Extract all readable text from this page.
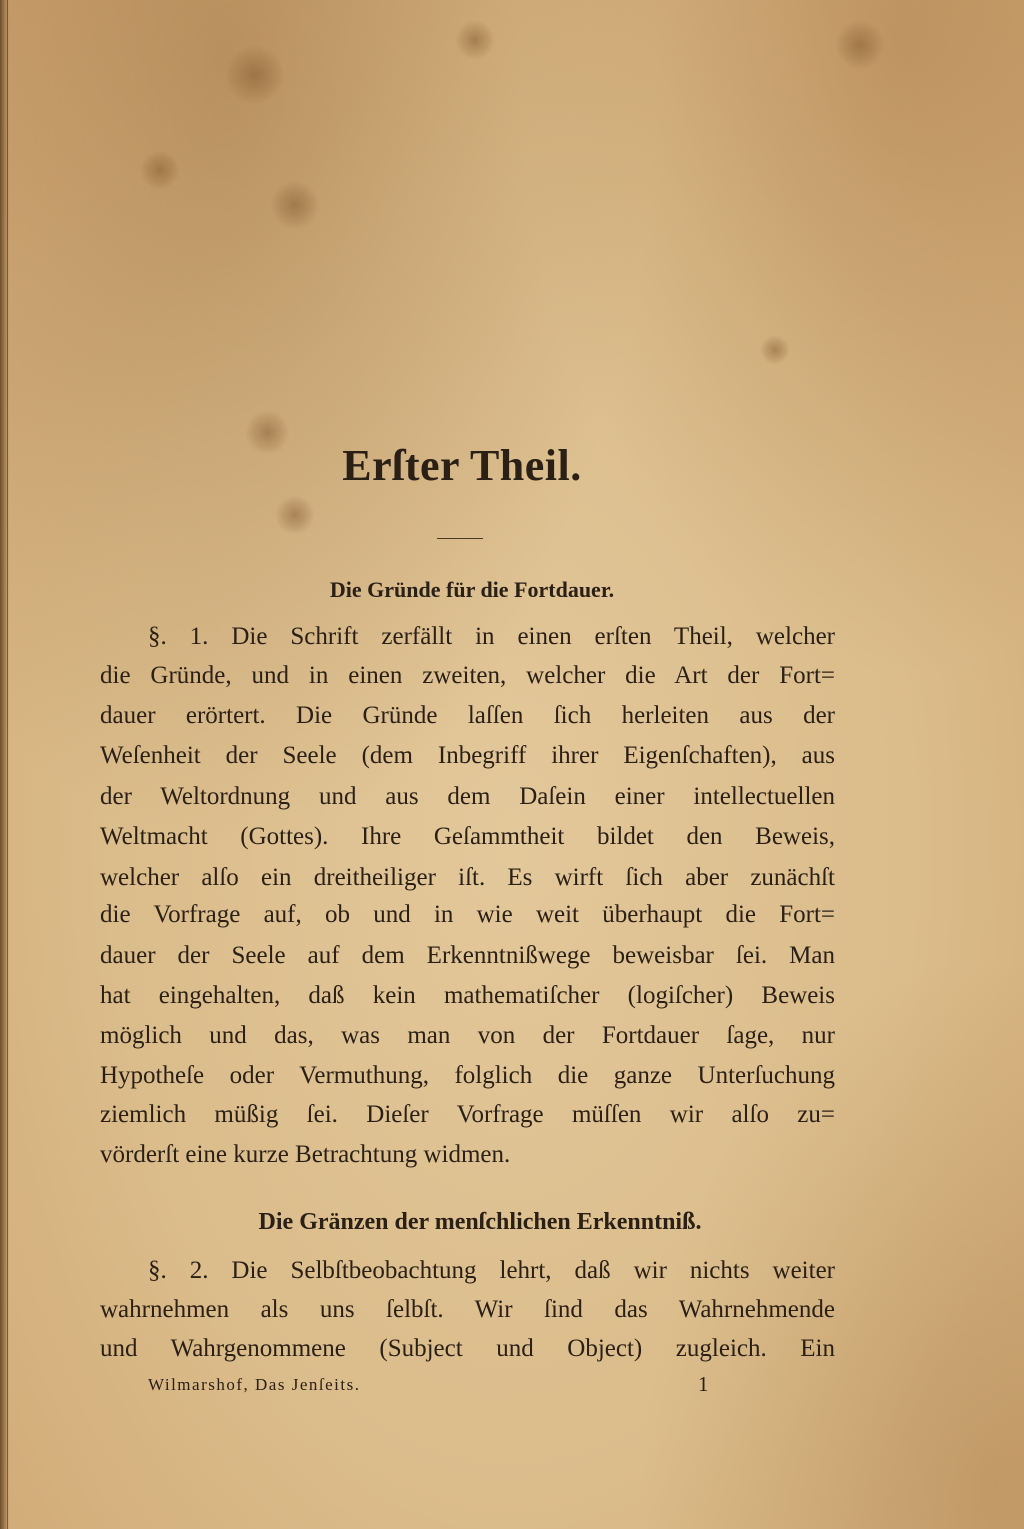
Erſter Theil.
Die Gründe für die Fortdauer.
§. 1. Die Schrift zerfällt in einen erſten Theil, welcher
die Gründe, und in einen zweiten, welcher die Art der Fort=
dauer erörtert. Die Gründe laſſen ſich herleiten aus der
Weſenheit der Seele (dem Inbegriff ihrer Eigenſchaften), aus
der Weltordnung und aus dem Daſein einer intellectuellen
Weltmacht (Gottes). Ihre Geſammtheit bildet den Beweis,
welcher alſo ein dreitheiliger iſt. Es wirft ſich aber zunächſt
die Vorfrage auf, ob und in wie weit überhaupt die Fort=
dauer der Seele auf dem Erkenntnißwege beweisbar ſei. Man
hat eingehalten, daß kein mathematiſcher (logiſcher) Beweis
möglich und das, was man von der Fortdauer ſage, nur
Hypotheſe oder Vermuthung, folglich die ganze Unterſuchung
ziemlich müßig ſei. Dieſer Vorfrage müſſen wir alſo zu=
vörderſt eine kurze Betrachtung widmen.
Die Gränzen der menſchlichen Erkenntniß.
§. 2. Die Selbſtbeobachtung lehrt, daß wir nichts weiter
wahrnehmen als uns ſelbſt. Wir ſind das Wahrnehmende
und Wahrgenommene (Subject und Object) zugleich. Ein
Wilmarshof, Das Jenſeits.	1
